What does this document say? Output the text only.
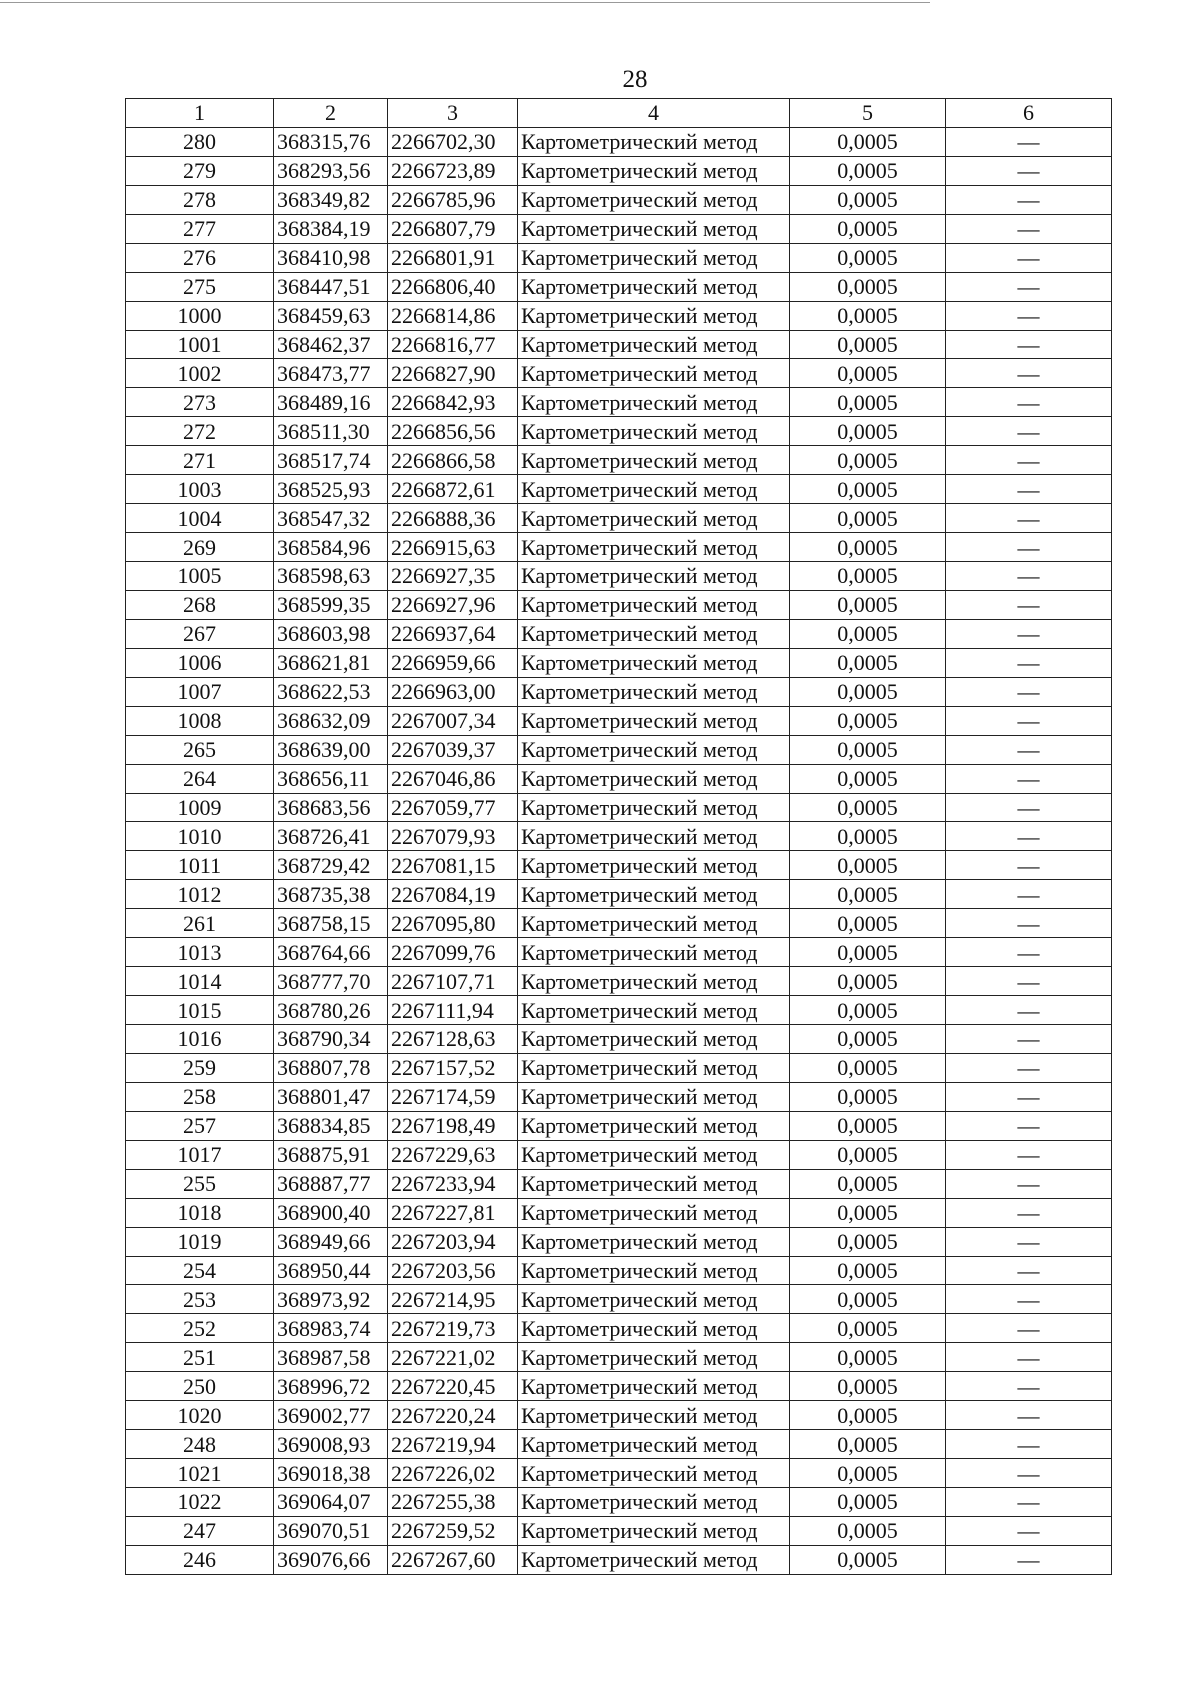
28
1	2	3	4	5	6
280	368315,76	2266702,30	Картометрический метод	0,0005	—
279	368293,56	2266723,89	Картометрический метод	0,0005	—
278	368349,82	2266785,96	Картометрический метод	0,0005	—
277	368384,19	2266807,79	Картометрический метод	0,0005	—
276	368410,98	2266801,91	Картометрический метод	0,0005	—
275	368447,51	2266806,40	Картометрический метод	0,0005	—
1000	368459,63	2266814,86	Картометрический метод	0,0005	—
1001	368462,37	2266816,77	Картометрический метод	0,0005	—
1002	368473,77	2266827,90	Картометрический метод	0,0005	—
273	368489,16	2266842,93	Картометрический метод	0,0005	—
272	368511,30	2266856,56	Картометрический метод	0,0005	—
271	368517,74	2266866,58	Картометрический метод	0,0005	—
1003	368525,93	2266872,61	Картометрический метод	0,0005	—
1004	368547,32	2266888,36	Картометрический метод	0,0005	—
269	368584,96	2266915,63	Картометрический метод	0,0005	—
1005	368598,63	2266927,35	Картометрический метод	0,0005	—
268	368599,35	2266927,96	Картометрический метод	0,0005	—
267	368603,98	2266937,64	Картометрический метод	0,0005	—
1006	368621,81	2266959,66	Картометрический метод	0,0005	—
1007	368622,53	2266963,00	Картометрический метод	0,0005	—
1008	368632,09	2267007,34	Картометрический метод	0,0005	—
265	368639,00	2267039,37	Картометрический метод	0,0005	—
264	368656,11	2267046,86	Картометрический метод	0,0005	—
1009	368683,56	2267059,77	Картометрический метод	0,0005	—
1010	368726,41	2267079,93	Картометрический метод	0,0005	—
1011	368729,42	2267081,15	Картометрический метод	0,0005	—
1012	368735,38	2267084,19	Картометрический метод	0,0005	—
261	368758,15	2267095,80	Картометрический метод	0,0005	—
1013	368764,66	2267099,76	Картометрический метод	0,0005	—
1014	368777,70	2267107,71	Картометрический метод	0,0005	—
1015	368780,26	2267111,94	Картометрический метод	0,0005	—
1016	368790,34	2267128,63	Картометрический метод	0,0005	—
259	368807,78	2267157,52	Картометрический метод	0,0005	—
258	368801,47	2267174,59	Картометрический метод	0,0005	—
257	368834,85	2267198,49	Картометрический метод	0,0005	—
1017	368875,91	2267229,63	Картометрический метод	0,0005	—
255	368887,77	2267233,94	Картометрический метод	0,0005	—
1018	368900,40	2267227,81	Картометрический метод	0,0005	—
1019	368949,66	2267203,94	Картометрический метод	0,0005	—
254	368950,44	2267203,56	Картометрический метод	0,0005	—
253	368973,92	2267214,95	Картометрический метод	0,0005	—
252	368983,74	2267219,73	Картометрический метод	0,0005	—
251	368987,58	2267221,02	Картометрический метод	0,0005	—
250	368996,72	2267220,45	Картометрический метод	0,0005	—
1020	369002,77	2267220,24	Картометрический метод	0,0005	—
248	369008,93	2267219,94	Картометрический метод	0,0005	—
1021	369018,38	2267226,02	Картометрический метод	0,0005	—
1022	369064,07	2267255,38	Картометрический метод	0,0005	—
247	369070,51	2267259,52	Картометрический метод	0,0005	—
246	369076,66	2267267,60	Картометрический метод	0,0005	—
